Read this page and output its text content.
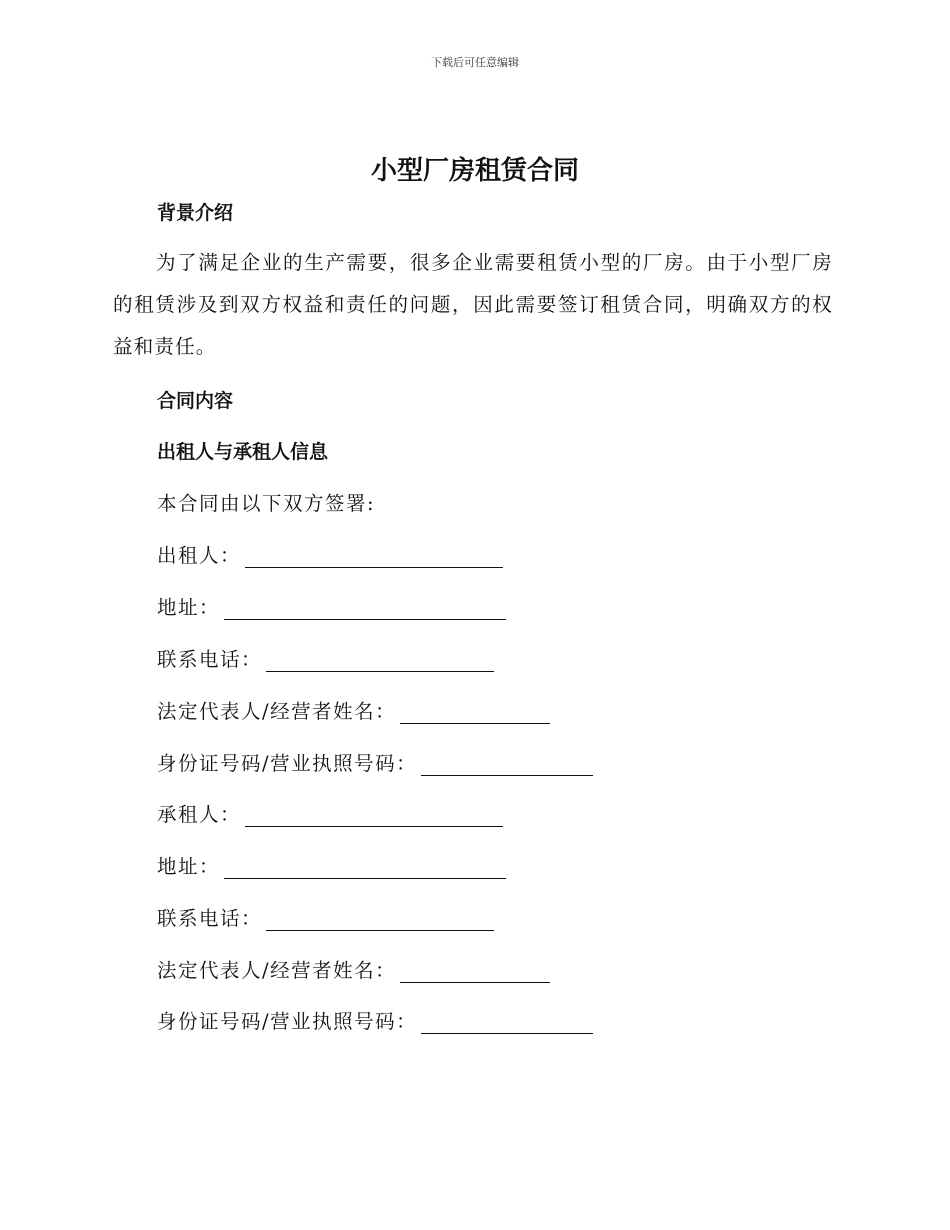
下载后可任意编辑
小型厂房租赁合同
背景介绍
为了满足企业的生产需要，很多企业需要租赁小型的厂房。由于小型厂房的租赁涉及到双方权益和责任的问题，因此需要签订租赁合同，明确双方的权益和责任。
合同内容
出租人与承租人信息
本合同由以下双方签署:
出租人：
地址：
联系电话：
法定代表人/经营者姓名：
身份证号码/营业执照号码：
承租人：
地址：
联系电话：
法定代表人/经营者姓名：
身份证号码/营业执照号码：
